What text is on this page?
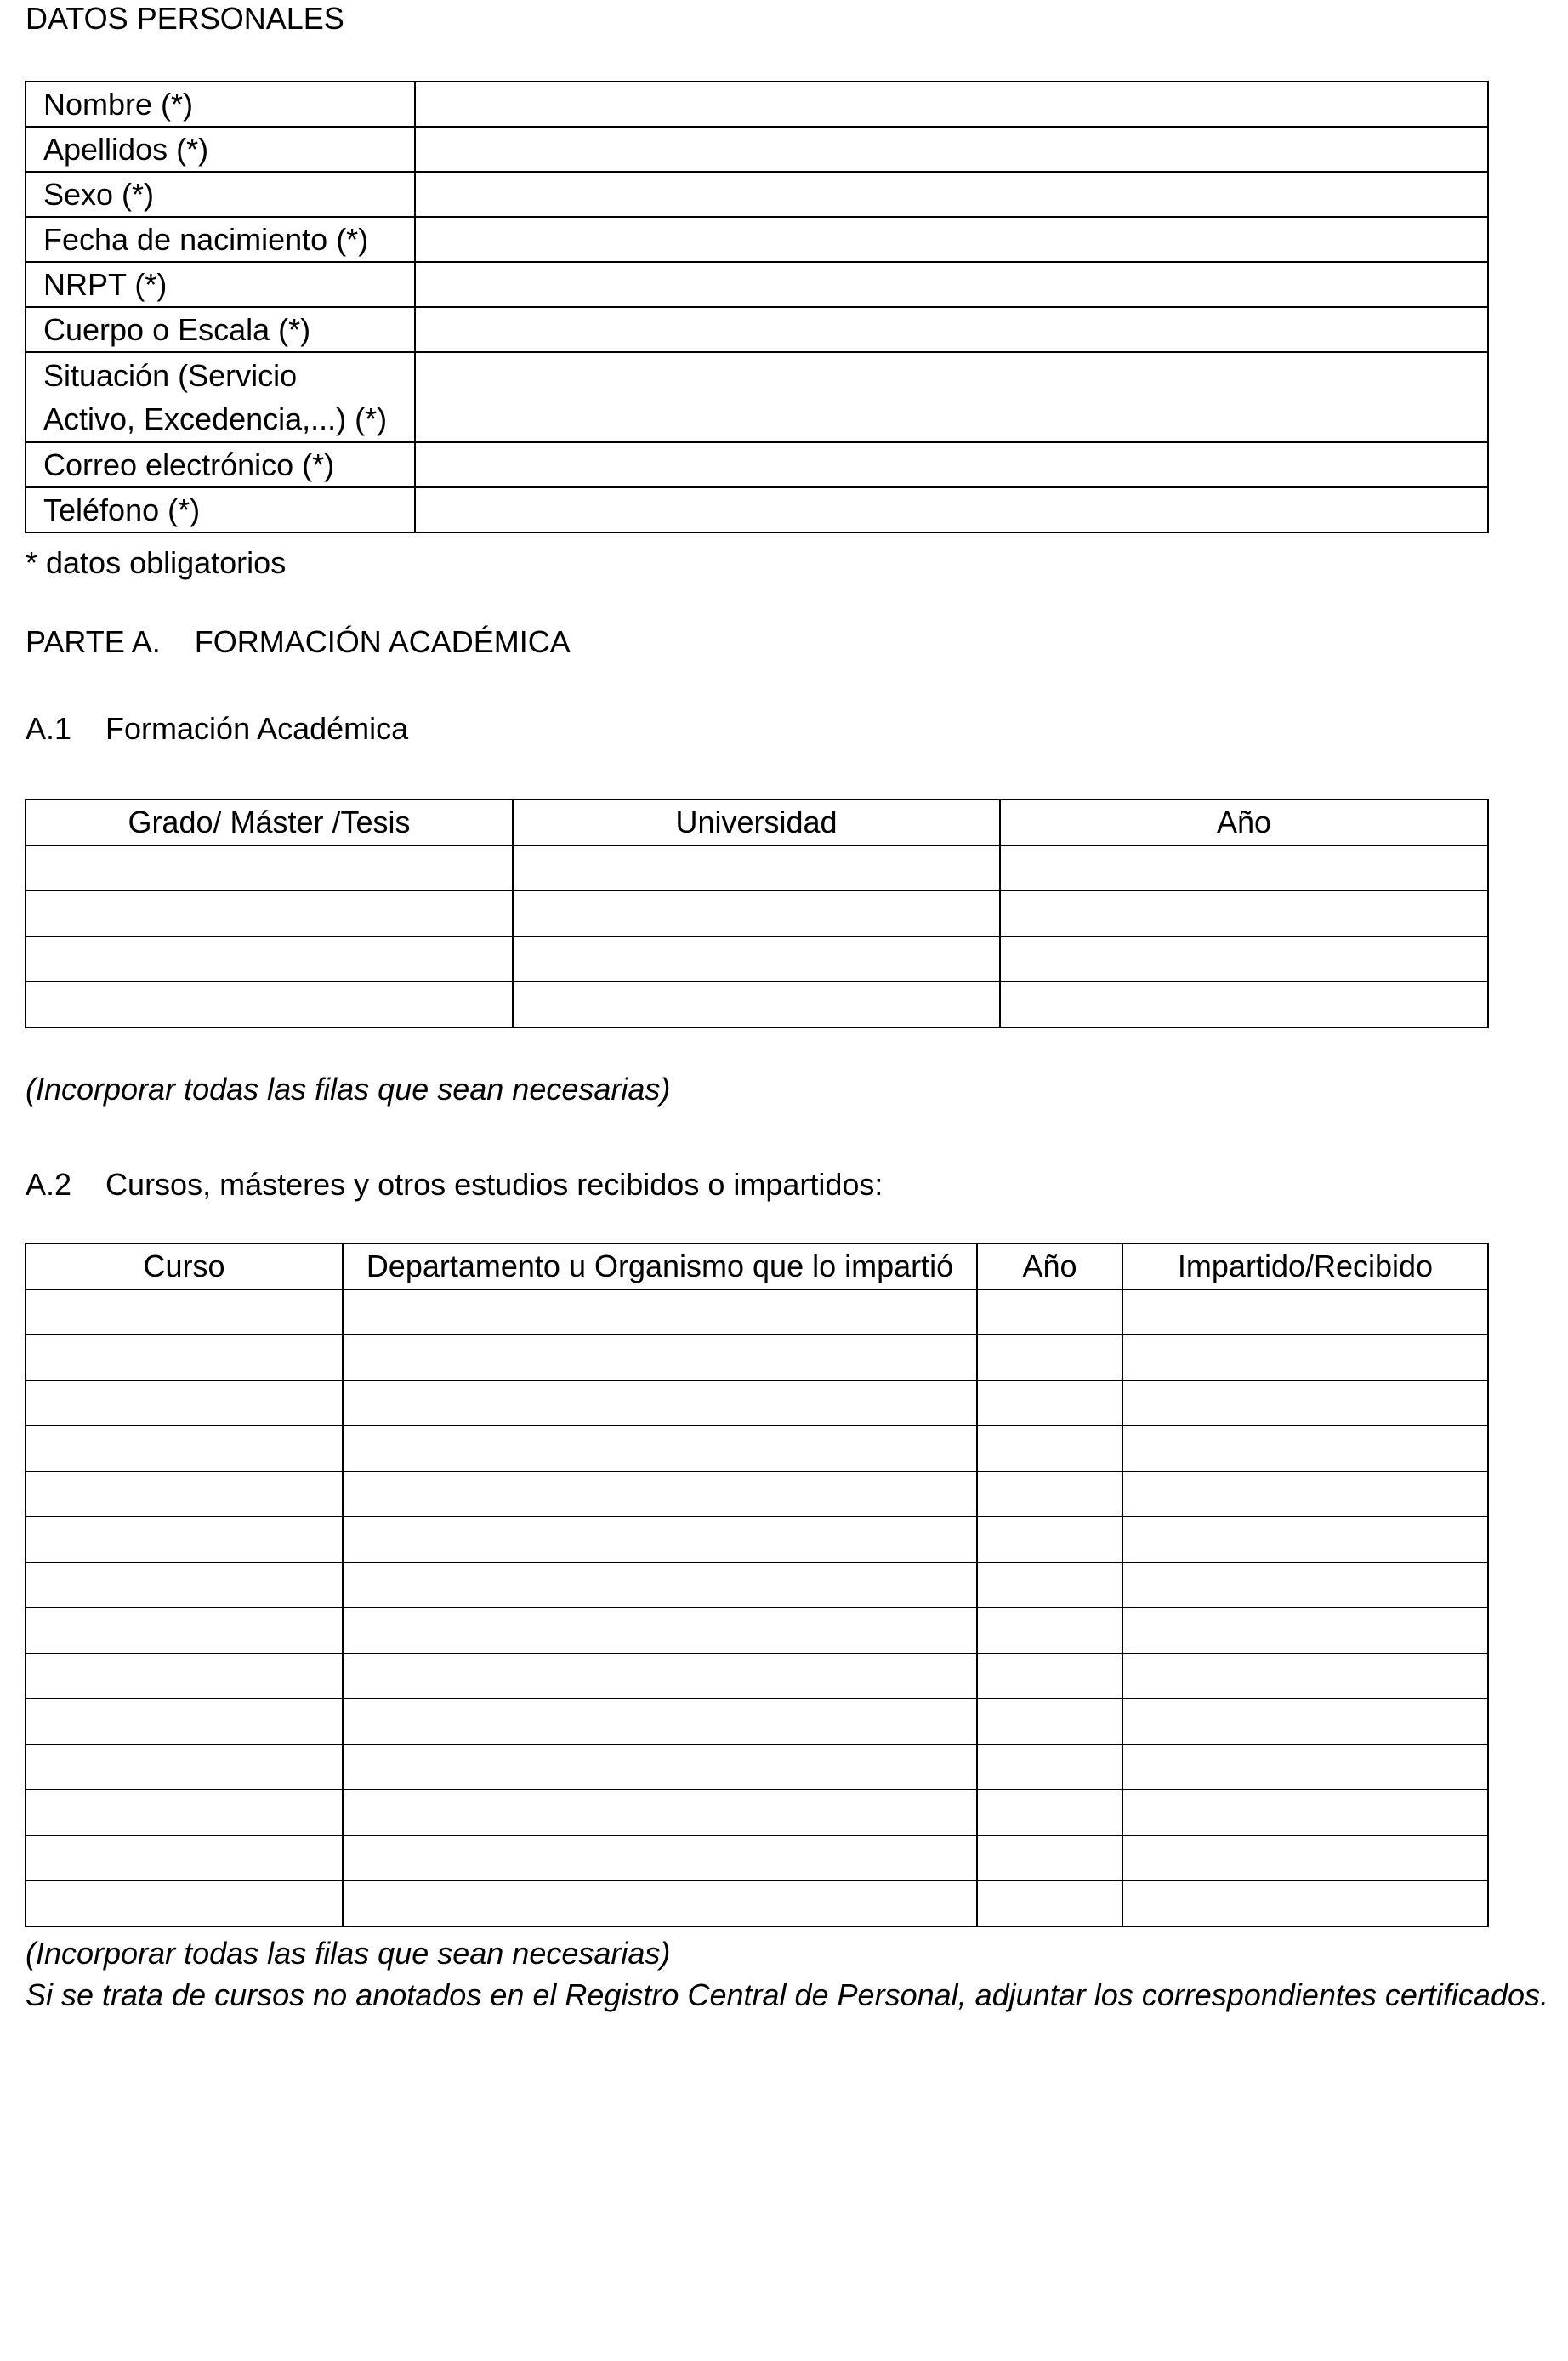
DATOS PERSONALES
Nombre (*)	
Apellidos (*)	
Sexo (*)	
Fecha de nacimiento (*)	
NRPT (*)	
Cuerpo o Escala (*)	
Situación (Servicio
Activo, Excedencia,...) (*)	
Correo electrónico (*)	
Teléfono (*)	
* datos obligatorios
PARTE A.    FORMACIÓN ACADÉMICA
A.1    Formación Académica
Grado/ Máster /Tesis	Universidad	Año

(Incorporar todas las filas que sean necesarias)
A.2    Cursos, másteres y otros estudios recibidos o impartidos:
Curso	Departamento u Organismo que lo impartió	Año	Impartido/Recibido

(Incorporar todas las filas que sean necesarias)
Si se trata de cursos no anotados en el Registro Central de Personal, adjuntar los correspondientes certificados.
